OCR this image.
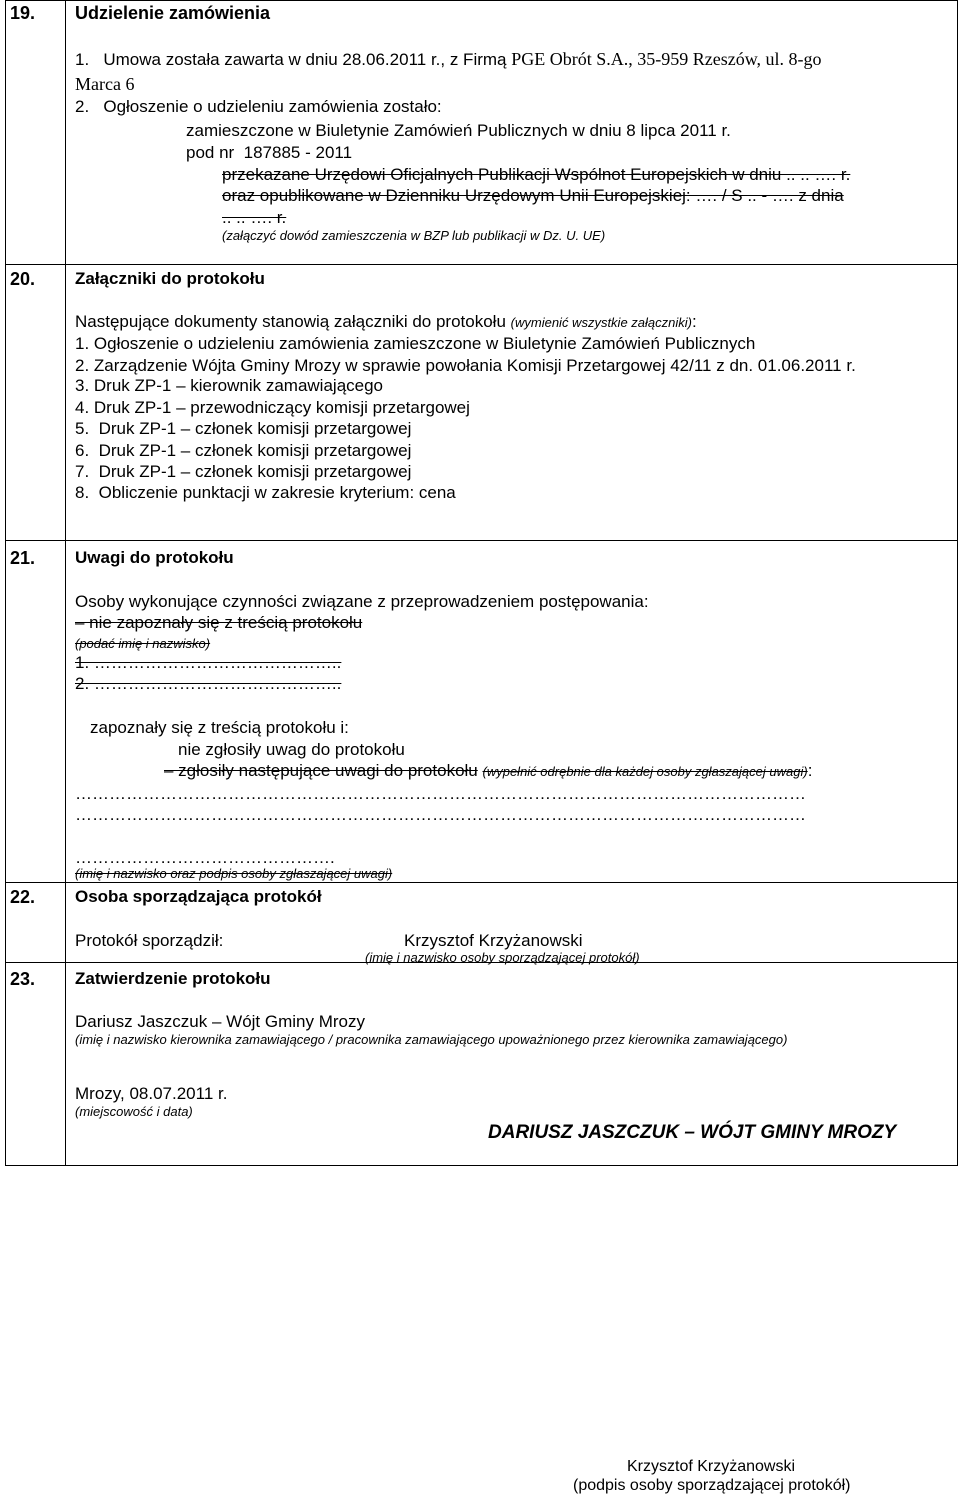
19. Udzielenie zamówienia
1.   Umowa została zawarta w dniu 28.06.2011 r., z Firmą PGE Obrót S.A., 35-959 Rzeszów, ul. 8-go
Marca 6
2.   Ogłoszenie o udzieleniu zamówienia zostało:
zamieszczone w Biuletynie Zamówień Publicznych w dniu 8 lipca 2011 r.
pod nr  187885 - 2011
przekazane Urzędowi Oficjalnych Publikacji Wspólnot Europejskich w dniu .. .. …. r.
oraz opublikowane w Dzienniku Urzędowym Unii Europejskiej: …. / S .. - …. z dnia
.. .. …. r.
(załączyć dowód zamieszczenia w BZP lub publikacji w Dz. U. UE)
20. Załączniki do protokołu
Następujące dokumenty stanowią załączniki do protokołu (wymienić wszystkie załączniki):
1. Ogłoszenie o udzieleniu zamówienia zamieszczone w Biuletynie Zamówień Publicznych
2. Zarządzenie Wójta Gminy Mrozy w sprawie powołania Komisji Przetargowej 42/11 z dn. 01.06.2011 r.
3. Druk ZP-1 – kierownik zamawiającego
4. Druk ZP-1 – przewodniczący komisji przetargowej
5.  Druk ZP-1 – członek komisji przetargowej
6.  Druk ZP-1 – członek komisji przetargowej
7.  Druk ZP-1 – członek komisji przetargowej
8.  Obliczenie punktacji w zakresie kryterium: cena
21. Uwagi do protokołu
Osoby wykonujące czynności związane z przeprowadzeniem postępowania:
– nie zapoznały się z treścią protokołu
(podać imię i nazwisko)
1. ……………………………………..
2. ……………………………………..
zapoznały się z treścią protokołu i:
nie zgłosiły uwag do protokołu
– zgłosiły następujące uwagi do protokołu (wypełnić odrębnie dla każdej osoby zgłaszającej uwagi):
…………………………………………………………………………………………………………………
…………………………………………………………………………………………………………………
……………………………………….
(imię i nazwisko oraz podpis osoby zgłaszającej uwagi)
22. Osoba sporządzająca protokół
Protokół sporządził:	Krzysztof Krzyżanowski
(imię i nazwisko osoby sporządzającej protokół)
23. Zatwierdzenie protokołu
Dariusz Jaszczuk – Wójt Gminy Mrozy
(imię i nazwisko kierownika zamawiającego / pracownika zamawiającego upoważnionego przez kierownika zamawiającego)
Mrozy, 08.07.2011 r.
(miejscowość i data)
DARIUSZ JASZCZUK – WÓJT GMINY MROZY
Krzysztof Krzyżanowski
(podpis osoby sporządzającej protokół)
